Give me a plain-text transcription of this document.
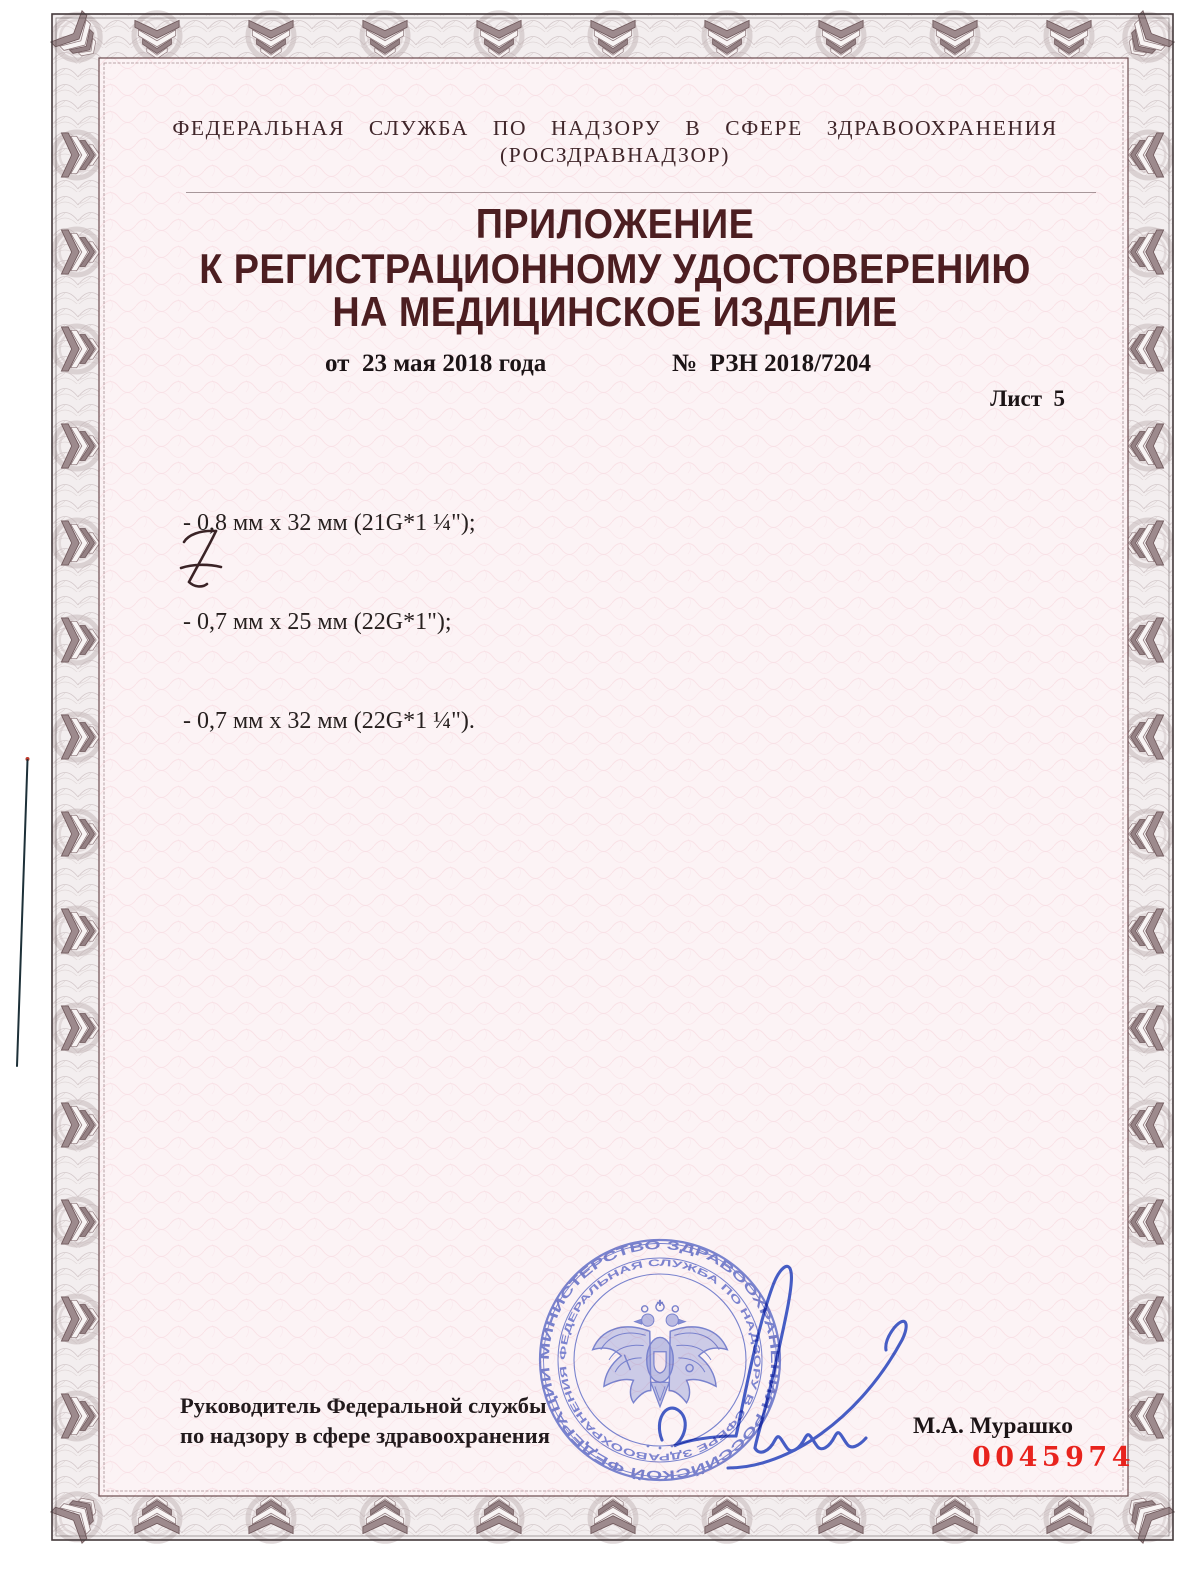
ФЕДЕРАЛЬНАЯ  СЛУЖБА  ПО  НАДЗОРУ  В  СФЕРЕ  ЗДРАВООХРАНЕНИЯ
(РОСЗДРАВНАДЗОР)
ПРИЛОЖЕНИЕ
К РЕГИСТРАЦИОННОМУ УДОСТОВЕРЕНИЮ
НА МЕДИЦИНСКОЕ ИЗДЕЛИЕ
от  23 мая 2018 года	№  РЗН 2018/7204
Лист  5

- 0,8 мм х 32 мм (21G*1 ¼");

- 0,7 мм х 25 мм (22G*1");

- 0,7 мм х 32 мм (22G*1 ¼").

МИНИСТЕРСТВО ЗДРАВООХРАНЕНИЯ РОССИЙСКОЙ ФЕДЕРАЦИИ
ФЕДЕРАЛЬНАЯ СЛУЖБА ПО НАДЗОРУ В СФЕРЕ ЗДРАВООХРАНЕНИЯ
Руководитель Федеральной службы
по надзору в сфере здравоохранения	М.А. Мурашко
0045974
